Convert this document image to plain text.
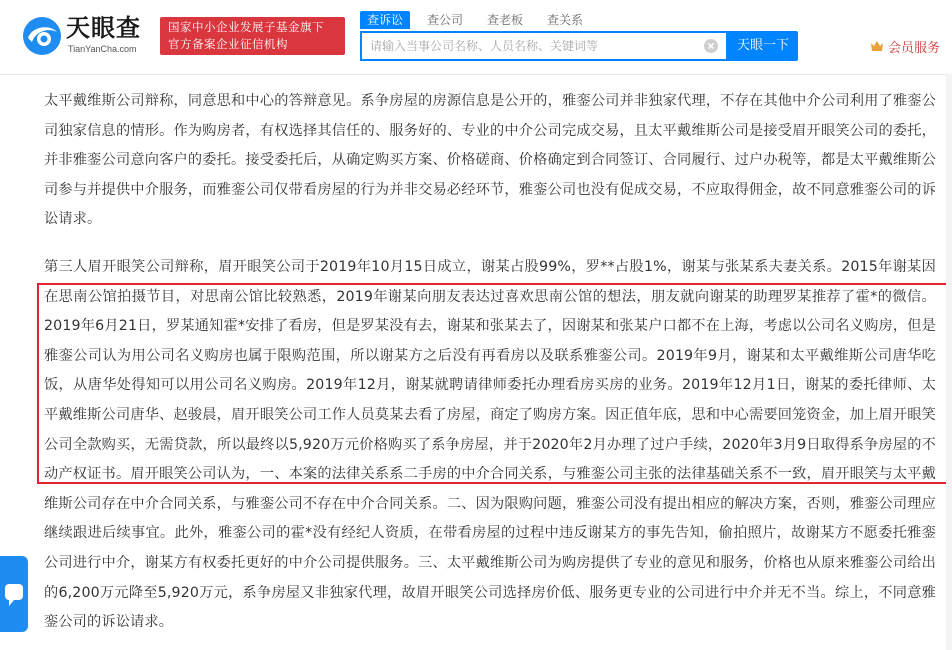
天眼查
TianYanCha.com
国家中小企业发展子基金旗下
官方备案企业征信机构
查诉讼	查公司	查老板	查关系
请输入当事公司名称、人员名称、关键词等
天眼一下	会员服务

太平戴维斯公司辩称，同意思和中心的答辩意见。系争房屋的房源信息是公开的，雅銮公司并非独家代理，不存在其他中介公司利用了雅銮公司独家信息的情形。作为购房者，有权选择其信任的、服务好的、专业的中介公司完成交易，且太平戴维斯公司是接受眉开眼笑公司的委托，并非雅銮公司意向客户的委托。接受委托后，从确定购买方案、价格磋商、价格确定到合同签订、合同履行、过户办税等，都是太平戴维斯公司参与并提供中介服务，而雅銮公司仅带看房屋的行为并非交易必经环节，雅銮公司也没有促成交易，不应取得佣金，故不同意雅銮公司的诉讼请求。

第三人眉开眼笑公司辩称，眉开眼笑公司于2019年10月15日成立，谢某占股99%，罗**占股1%，谢某与张某系夫妻关系。2015年谢某因在思南公馆拍摄节目，对思南公馆比较熟悉，2019年谢某向朋友表达过喜欢思南公馆的想法，朋友就向谢某的助理罗某推荐了霍*的微信。2019年6月21日，罗某通知霍*安排了看房，但是罗某没有去，谢某和张某去了，因谢某和张某户口都不在上海，考虑以公司名义购房，但是雅銮公司认为用公司名义购房也属于限购范围，所以谢某方之后没有再看房以及联系雅銮公司。2019年9月，谢某和太平戴维斯公司唐华吃饭，从唐华处得知可以用公司名义购房。2019年12月，谢某就聘请律师委托办理看房买房的业务。2019年12月1日，谢某的委托律师、太平戴维斯公司唐华、赵骏晨，眉开眼笑公司工作人员莫某去看了房屋，商定了购房方案。因正值年底，思和中心需要回笼资金，加上眉开眼笑公司全款购买，无需贷款，所以最终以5,920万元价格购买了系争房屋，并于2020年2月办理了过户手续，2020年3月9日取得系争房屋的不动产权证书。眉开眼笑公司认为，一、本案的法律关系系二手房的中介合同关系，与雅銮公司主张的法律基础关系不一致，眉开眼笑与太平戴维斯公司存在中介合同关系，与雅銮公司不存在中介合同关系。二、因为限购问题，雅銮公司没有提出相应的解决方案，否则，雅銮公司理应继续跟进后续事宜。此外，雅銮公司的霍*没有经纪人资质，在带看房屋的过程中违反谢某方的事先告知，偷拍照片，故谢某方不愿委托雅銮公司进行中介，谢某方有权委托更好的中介公司提供服务。三、太平戴维斯公司为购房提供了专业的意见和服务，价格也从原来雅銮公司给出的6,200万元降至5,920万元，系争房屋又非独家代理，故眉开眼笑公司选择房价低、服务更专业的公司进行中介并无不当。综上，不同意雅銮公司的诉讼请求。
